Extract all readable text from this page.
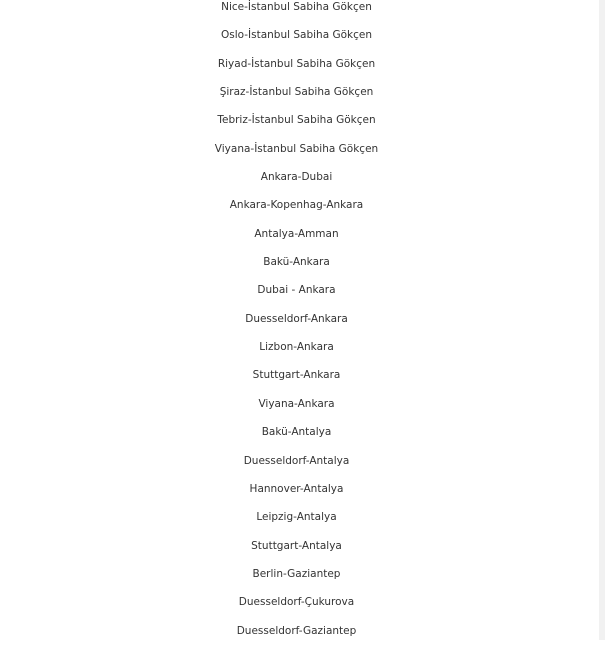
Nice-İstanbul Sabiha Gökçen
Oslo-İstanbul Sabiha Gökçen
Riyad-İstanbul Sabiha Gökçen
Şiraz-İstanbul Sabiha Gökçen
Tebriz-İstanbul Sabiha Gökçen
Viyana-İstanbul Sabiha Gökçen
Ankara-Dubai
Ankara-Kopenhag-Ankara
Antalya-Amman
Bakü-Ankara
Dubai - Ankara
Duesseldorf-Ankara
Lizbon-Ankara
Stuttgart-Ankara
Viyana-Ankara
Bakü-Antalya
Duesseldorf-Antalya
Hannover-Antalya
Leipzig-Antalya
Stuttgart-Antalya
Berlin-Gaziantep
Duesseldorf-Çukurova
Duesseldorf-Gaziantep
